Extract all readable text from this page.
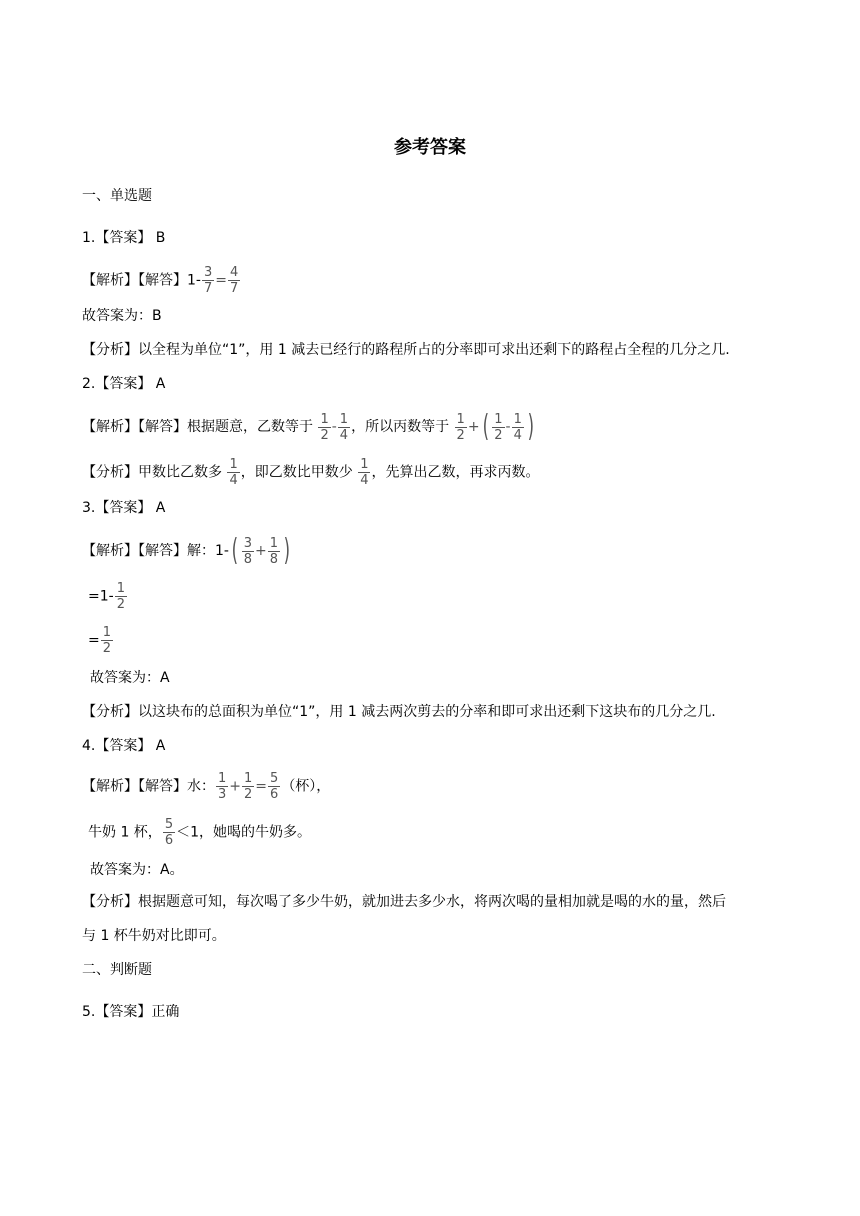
参考答案
一、单选题
1.【答案】 B
【解析】【解答】$1- \frac{3}{7} = \frac{4}{7}$
故答案为：B
【分析】以全程为单位“1”，用 1 减去已经行的路程所占的分率即可求出还剩下的路程占全程的几分之几.
2.【答案】 A
【解析】【解答】根据题意，乙数等于 $\frac{1}{2} - \frac{1}{4}$ ，所以丙数等于 $\frac{1}{2}$ +( $\frac{1}{2} - \frac{1}{4}$ )
【分析】甲数比乙数多 $\frac{1}{4}$ ，即乙数比甲数少 $\frac{1}{4}$ ，先算出乙数，再求丙数。
3.【答案】 A
【解析】【解答】解：$1-( \frac{3}{8} + \frac{1}{8}$ )
$=1- \frac{1}{2}$
= $\frac{1}{2}$
故答案为：A
【分析】以这块布的总面积为单位“1”，用 1 减去两次剪去的分率和即可求出还剩下这块布的几分之几.
4.【答案】 A
【解析】【解答】水： $\frac{1}{3} + \frac{1}{2} = \frac{5}{6}$ （杯），
牛奶 1 杯， $\frac{5}{6} <1$，她喝的牛奶多。
故答案为：A。
【分析】根据题意可知，每次喝了多少牛奶，就加进去多少水，将两次喝的量相加就是喝的水的量，然后
与 1 杯牛奶对比即可。
二、判断题
5.【答案】正确
